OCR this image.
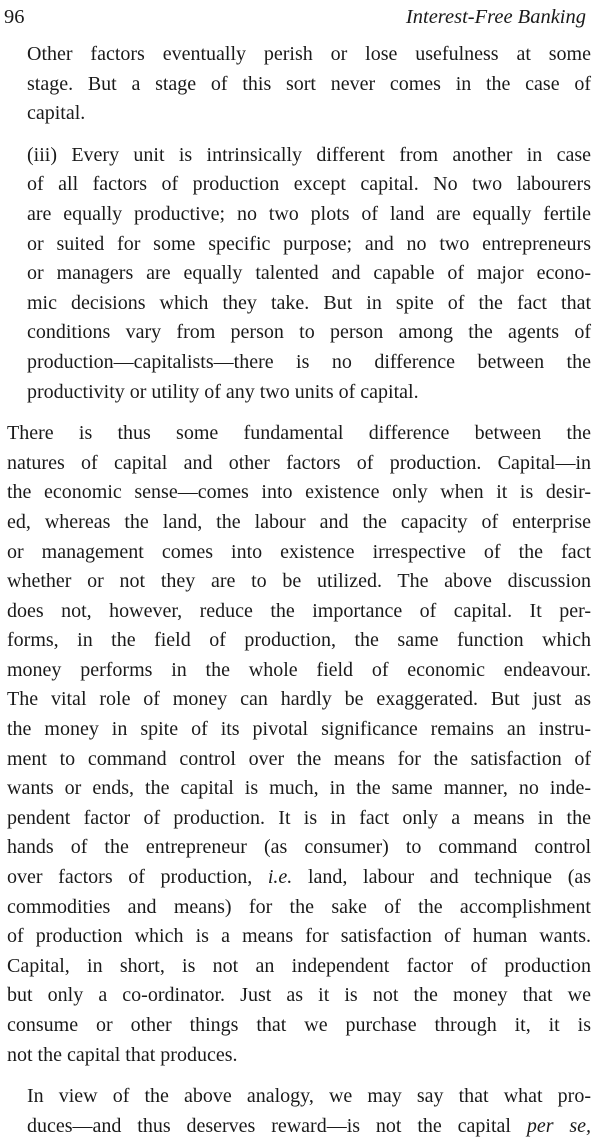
96	Interest-Free Banking
Other factors eventually perish or lose usefulness at some
stage. But a stage of this sort never comes in the case of
capital.
(iii) Every unit is intrinsically different from another in case
of all factors of production except capital. No two labourers
are equally productive; no two plots of land are equally fertile
or suited for some specific purpose; and no two entrepreneurs
or managers are equally talented and capable of major econo-
mic decisions which they take. But in spite of the fact that
conditions vary from person to person among the agents of
production—capitalists—there is no difference between the
productivity or utility of any two units of capital.
There is thus some fundamental difference between the
natures of capital and other factors of production. Capital—in
the economic sense—comes into existence only when it is desir-
ed, whereas the land, the labour and the capacity of enterprise
or management comes into existence irrespective of the fact
whether or not they are to be utilized. The above discussion
does not, however, reduce the importance of capital. It per-
forms, in the field of production, the same function which
money performs in the whole field of economic endeavour.
The vital role of money can hardly be exaggerated. But just as
the money in spite of its pivotal significance remains an instru-
ment to command control over the means for the satisfaction of
wants or ends, the capital is much, in the same manner, no inde-
pendent factor of production. It is in fact only a means in the
hands of the entrepreneur (as consumer) to command control
over factors of production, i.e. land, labour and technique (as
commodities and means) for the sake of the accomplishment
of production which is a means for satisfaction of human wants.
Capital, in short, is not an independent factor of production
but only a co-ordinator. Just as it is not the money that we
consume or other things that we purchase through it, it is
not the capital that produces.
In view of the above analogy, we may say that what pro-
duces—and thus deserves reward—is not the capital per se,
